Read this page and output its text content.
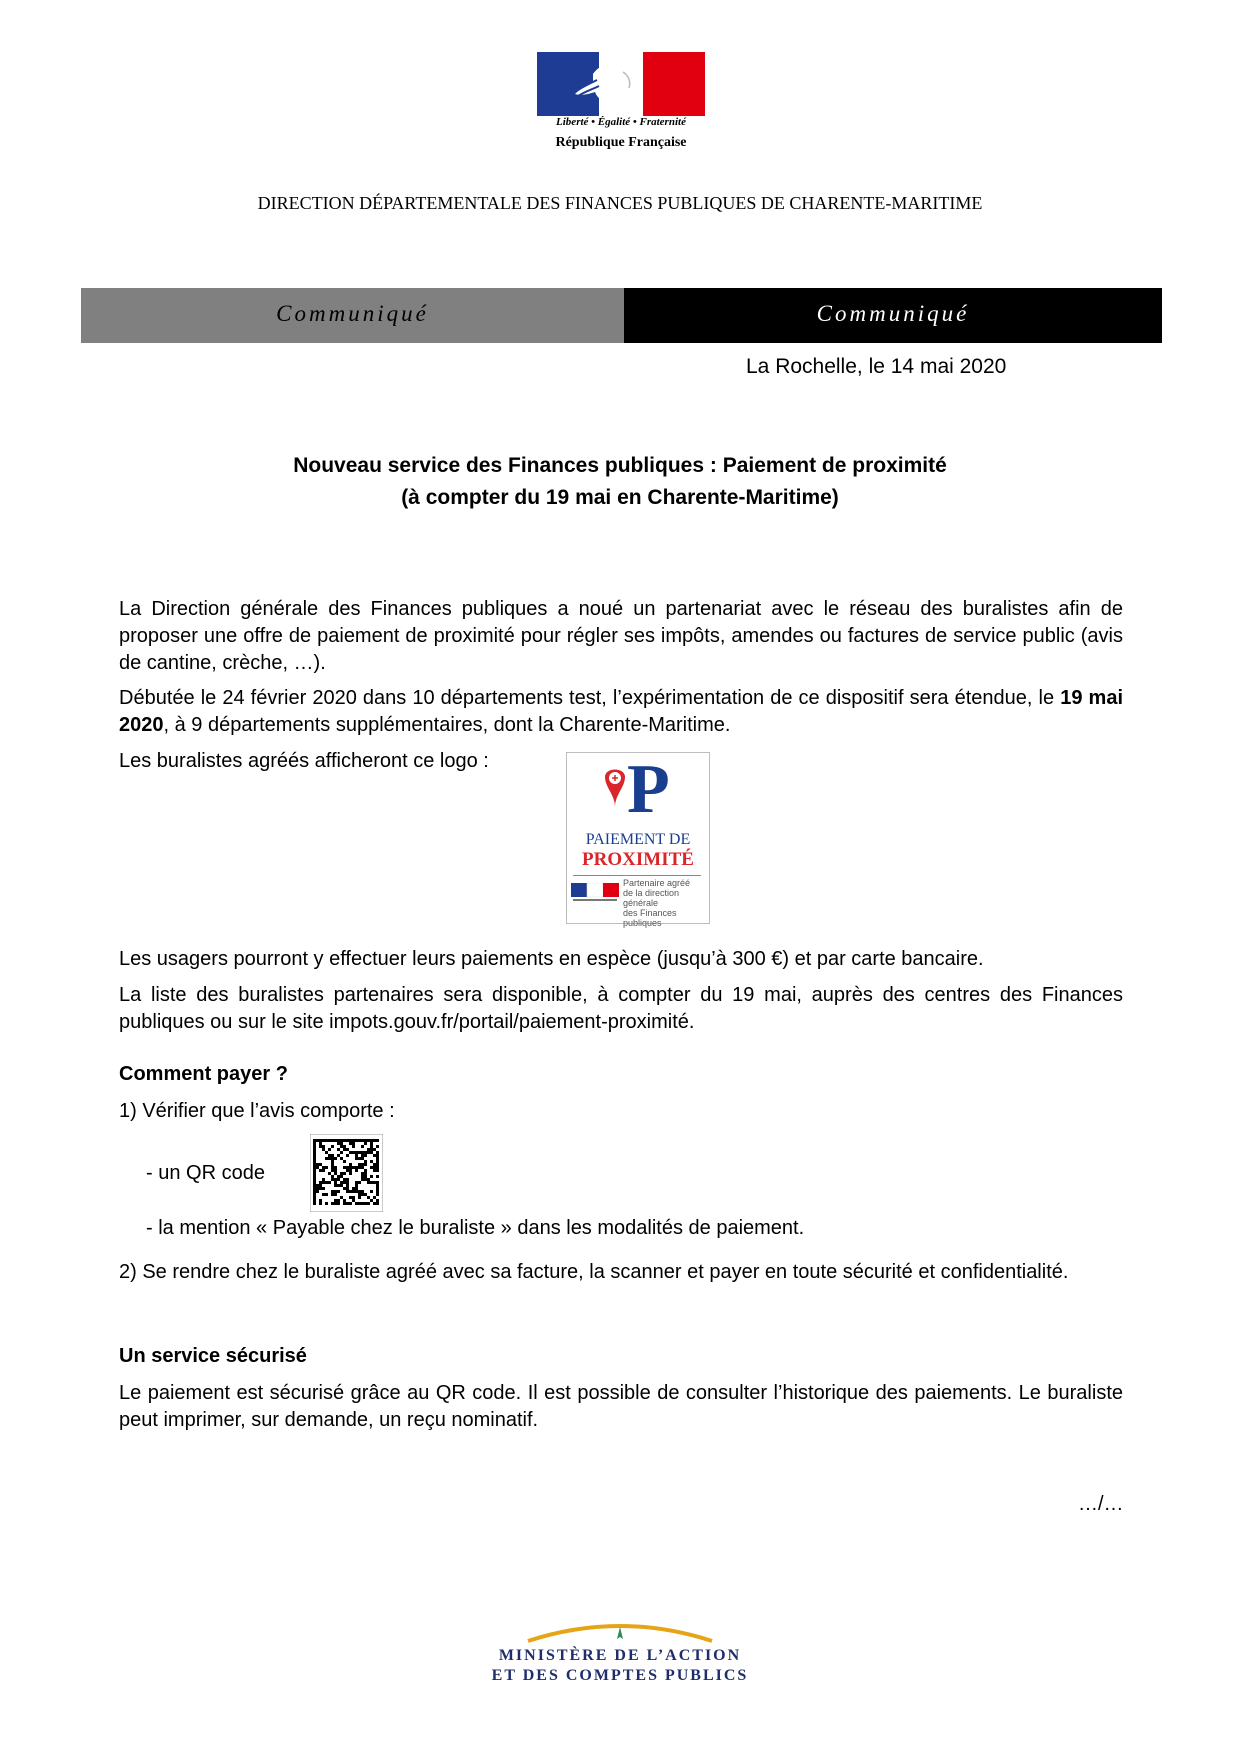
Liberté • Égalité • Fraternité
République Française
DIRECTION DÉPARTEMENTALE DES FINANCES PUBLIQUES DE CHARENTE-MARITIME
Communiqué	Communiqué
La Rochelle, le 14 mai 2020
Nouveau service des Finances publiques : Paiement de proximité
(à compter du 19 mai en Charente-Maritime)
La Direction générale des Finances publiques a noué un partenariat avec le réseau des buralistes afin de proposer une offre de paiement de proximité pour régler ses impôts, amendes ou factures de service public (avis de cantine, crèche, …).
Débutée le 24 février 2020 dans 10 départements test, l’expérimentation de ce dispositif sera étendue, le 19 mai 2020, à 9 départements supplémentaires, dont la Charente-Maritime.
Les buralistes agréés afficheront ce logo :	P
PAIEMENT DE
PROXIMITÉ
Partenaire agréé
de la direction générale
des Finances publiques
Les usagers pourront y effectuer leurs paiements en espèce (jusqu’à 300 €) et par carte bancaire.
La liste des buralistes partenaires sera disponible, à compter du 19 mai, auprès des centres des Finances publiques ou sur le site impots.gouv.fr/portail/paiement-proximité.
Comment payer ?
1) Vérifier que l’avis comporte :
- un QR code
- la mention « Payable chez le buraliste » dans les modalités de paiement.
2) Se rendre chez le buraliste agréé avec sa facture, la scanner et payer en toute sécurité et confidentialité.
Un service sécurisé
Le paiement est sécurisé grâce au QR code. Il est possible de consulter l’historique des paiements. Le buraliste peut imprimer, sur demande, un reçu nominatif.
…/…
MINISTÈRE DE L’ACTION
ET DES COMPTES PUBLICS
